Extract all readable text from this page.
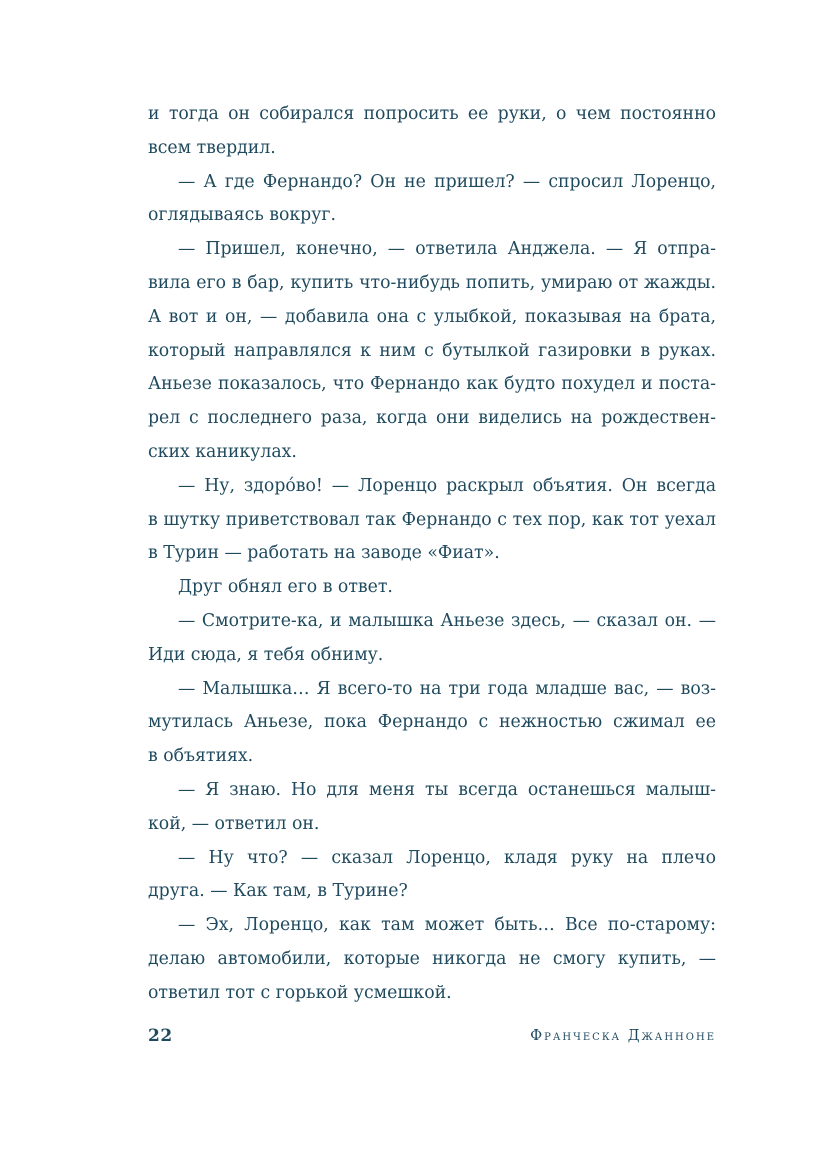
и тогда он собирался попросить ее руки, о чем постоянно
всем твердил.
— А где Фернандо? Он не пришел? — спросил Лоренцо,
оглядываясь вокруг.
— Пришел, конечно, — ответила Анджела. — Я отпра-
вила его в бар, купить что-нибудь попить, умираю от жажды.
А вот и он, — добавила она с улыбкой, показывая на брата,
который направлялся к ним с бутылкой газировки в руках.
Аньезе показалось, что Фернандо как будто похудел и поста-
рел с последнего раза, когда они виделись на рождествен-
ских каникулах.
— Ну, здоро́во! — Лоренцо раскрыл объятия. Он всегда
в шутку приветствовал так Фернандо с тех пор, как тот уехал
в Турин — работать на заводе «Фиат».
Друг обнял его в ответ.
— Смотрите-ка, и малышка Аньезе здесь, — сказал он. —
Иди сюда, я тебя обниму.
— Малышка… Я всего-то на три года младше вас, — воз-
мутилась Аньезе, пока Фернандо с нежностью сжимал ее
в объятиях.
— Я знаю. Но для меня ты всегда останешься малыш-
кой, — ответил он.
— Ну что? — сказал Лоренцо, кладя руку на плечо
друга. — Как там, в Турине?
— Эх, Лоренцо, как там может быть… Все по-старому:
делаю автомобили, которые никогда не смогу купить, —
ответил тот с горькой усмешкой.
22	Франческа Джанноне
